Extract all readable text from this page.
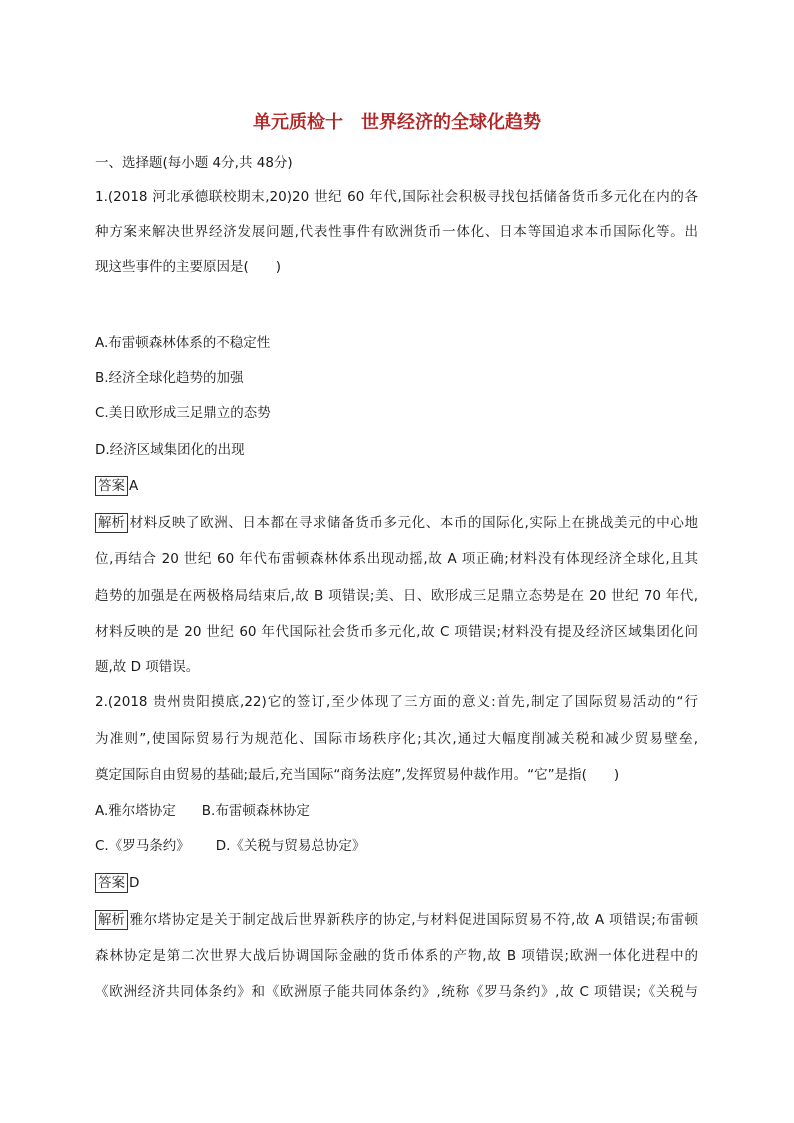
单元质检十　世界经济的全球化趋势
一、选择题(每小题 4分,共 48分)
1.(2018 河北承德联校期末,20)20 世纪 60 年代,国际社会积极寻找包括储备货币多元化在内的各
种方案来解决世界经济发展问题,代表性事件有欧洲货币一体化、日本等国追求本币国际化等。出
现这些事件的主要原因是(　　)
A.布雷顿森林体系的不稳定性
B.经济全球化趋势的加强
C.美日欧形成三足鼎立的态势
D.经济区域集团化的出现
答案 A
解析 材料反映了欧洲、日本都在寻求储备货币多元化、本币的国际化,实际上在挑战美元的中心地
位,再结合 20 世纪 60 年代布雷顿森林体系出现动摇,故 A 项正确;材料没有体现经济全球化,且其
趋势的加强是在两极格局结束后,故 B 项错误;美、日、欧形成三足鼎立态势是在 20 世纪 70 年代,
材料反映的是 20 世纪 60 年代国际社会货币多元化,故 C 项错误;材料没有提及经济区域集团化问
题,故 D 项错误。
2.(2018 贵州贵阳摸底,22)它的签订,至少体现了三方面的意义:首先,制定了国际贸易活动的“行
为准则”,使国际贸易行为规范化、国际市场秩序化;其次,通过大幅度削减关税和减少贸易壁垒,
奠定国际自由贸易的基础;最后,充当国际“商务法庭”,发挥贸易仲裁作用。“它”是指(　　)
A.雅尔塔协定 B.布雷顿森林协定
C.《罗马条约》 D.《关税与贸易总协定》
答案 D
解析 雅尔塔协定是关于制定战后世界新秩序的协定,与材料促进国际贸易不符,故 A 项错误;布雷顿
森林协定是第二次世界大战后协调国际金融的货币体系的产物,故 B 项错误;欧洲一体化进程中的
《欧洲经济共同体条约》和《欧洲原子能共同体条约》,统称《罗马条约》,故 C 项错误;《关税与
